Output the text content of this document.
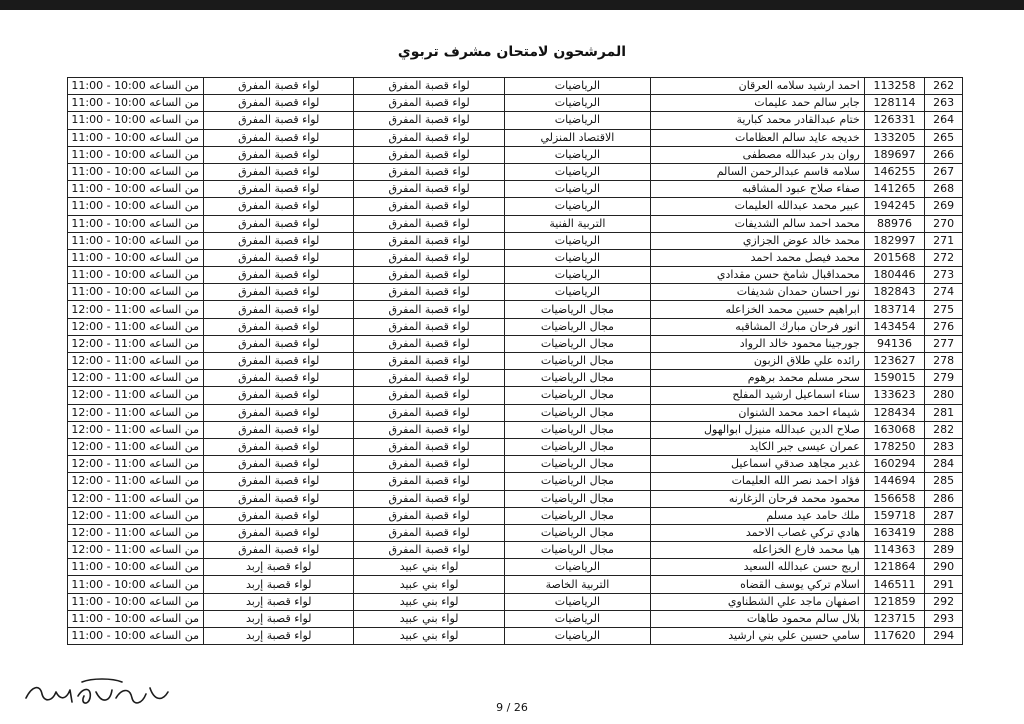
المرشحون لامتحان مشرف تربوي
262	113258	احمد ارشيد سلامه العرقان	الرياضيات	لواء قصبة المفرق	لواء قصبة المفرق	من الساعه 10:00 - 11:00
263	128114	جابر سالم حمد عليمات	الرياضيات	لواء قصبة المفرق	لواء قصبة المفرق	من الساعه 10:00 - 11:00
264	126331	ختام عبدالقادر محمد كبارية	الرياضيات	لواء قصبة المفرق	لواء قصبة المفرق	من الساعه 10:00 - 11:00
265	133205	خديجه عايد سالم العظامات	الاقتصاد المنزلي	لواء قصبة المفرق	لواء قصبة المفرق	من الساعه 10:00 - 11:00
266	189697	روان بدر عبدالله مصطفى	الرياضيات	لواء قصبة المفرق	لواء قصبة المفرق	من الساعه 10:00 - 11:00
267	146255	سلامه قاسم عبدالرحمن السالم	الرياضيات	لواء قصبة المفرق	لواء قصبة المفرق	من الساعه 10:00 - 11:00
268	141265	صفاء صلاح عبود المشاقبه	الرياضيات	لواء قصبة المفرق	لواء قصبة المفرق	من الساعه 10:00 - 11:00
269	194245	عبير محمد عبدالله العليمات	الرياضيات	لواء قصبة المفرق	لواء قصبة المفرق	من الساعه 10:00 - 11:00
270	88976	محمد احمد سالم الشديفات	التربية الفنية	لواء قصبة المفرق	لواء قصبة المفرق	من الساعه 10:00 - 11:00
271	182997	محمد خالد عوض الجزازي	الرياضيات	لواء قصبة المفرق	لواء قصبة المفرق	من الساعه 10:00 - 11:00
272	201568	محمد فيصل محمد احمد	الرياضيات	لواء قصبة المفرق	لواء قصبة المفرق	من الساعه 10:00 - 11:00
273	180446	محمداقبال شامخ حسن مقدادي	الرياضيات	لواء قصبة المفرق	لواء قصبة المفرق	من الساعه 10:00 - 11:00
274	182843	نور احسان حمدان شديفات	الرياضيات	لواء قصبة المفرق	لواء قصبة المفرق	من الساعه 10:00 - 11:00
275	183714	ابراهيم حسين محمد الخزاعله	مجال الرياضيات	لواء قصبة المفرق	لواء قصبة المفرق	من الساعه 11:00 - 12:00
276	143454	انور فرحان مبارك المشاقبه	مجال الرياضيات	لواء قصبة المفرق	لواء قصبة المفرق	من الساعه 11:00 - 12:00
277	94136	جورجينا محمود خالد الرواد	مجال الرياضيات	لواء قصبة المفرق	لواء قصبة المفرق	من الساعه 11:00 - 12:00
278	123627	رائده علي طلاق الزبون	مجال الرياضيات	لواء قصبة المفرق	لواء قصبة المفرق	من الساعه 11:00 - 12:00
279	159015	سحر مسلم محمد برهوم	مجال الرياضيات	لواء قصبة المفرق	لواء قصبة المفرق	من الساعه 11:00 - 12:00
280	133623	سناء اسماعيل ارشيد المفلح	مجال الرياضيات	لواء قصبة المفرق	لواء قصبة المفرق	من الساعه 11:00 - 12:00
281	128434	شيماء احمد محمد الشنوان	مجال الرياضيات	لواء قصبة المفرق	لواء قصبة المفرق	من الساعه 11:00 - 12:00
282	163068	صلاح الدين عبدالله منيزل ابوالهول	مجال الرياضيات	لواء قصبة المفرق	لواء قصبة المفرق	من الساعه 11:00 - 12:00
283	178250	عمران عيسى جبر الكايد	مجال الرياضيات	لواء قصبة المفرق	لواء قصبة المفرق	من الساعه 11:00 - 12:00
284	160294	غدير مجاهد صدقي اسماعيل	مجال الرياضيات	لواء قصبة المفرق	لواء قصبة المفرق	من الساعه 11:00 - 12:00
285	144694	فؤاد احمد نصر الله العليمات	مجال الرياضيات	لواء قصبة المفرق	لواء قصبة المفرق	من الساعه 11:00 - 12:00
286	156658	محمود محمد فرحان الزغارنه	مجال الرياضيات	لواء قصبة المفرق	لواء قصبة المفرق	من الساعه 11:00 - 12:00
287	159718	ملك حامد عيد مسلم	مجال الرياضيات	لواء قصبة المفرق	لواء قصبة المفرق	من الساعه 11:00 - 12:00
288	163419	هادي تركي غصاب الاحمد	مجال الرياضيات	لواء قصبة المفرق	لواء قصبة المفرق	من الساعه 11:00 - 12:00
289	114363	هيا محمد فارع الخزاعله	مجال الرياضيات	لواء قصبة المفرق	لواء قصبة المفرق	من الساعه 11:00 - 12:00
290	121864	اريج حسن عبدالله السعيد	الرياضيات	لواء بني عبيد	لواء قصبة إربد	من الساعه 10:00 - 11:00
291	146511	اسلام تركي يوسف القضاه	التربية الخاصة	لواء بني عبيد	لواء قصبة إربد	من الساعه 10:00 - 11:00
292	121859	اصفهان ماجد علي الشطناوي	الرياضيات	لواء بني عبيد	لواء قصبة إربد	من الساعه 10:00 - 11:00
293	123715	بلال سالم محمود طاهات	الرياضيات	لواء بني عبيد	لواء قصبة إربد	من الساعه 10:00 - 11:00
294	117620	سامي حسين علي بني ارشيد	الرياضيات	لواء بني عبيد	لواء قصبة إربد	من الساعه 10:00 - 11:00
9 / 26
